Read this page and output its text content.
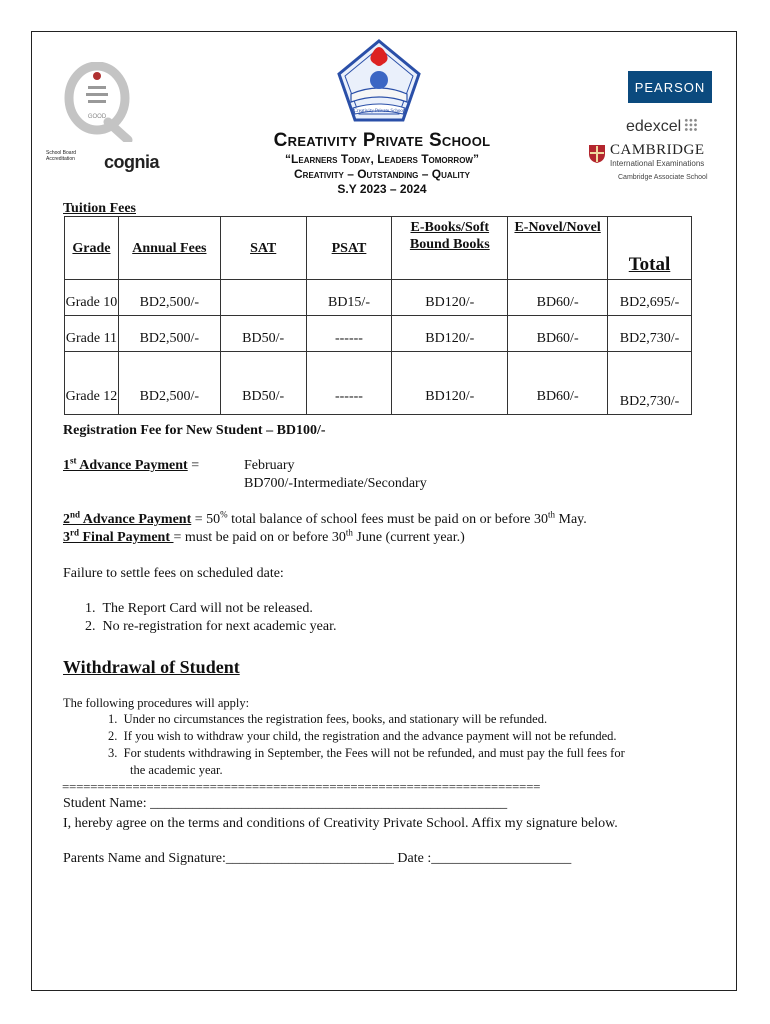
GOOD
School Board Accreditation	cognia
Creativity Private School
PEARSON
edexcel
CAMBRIDGE
International Examinations
Cambridge Associate School
Creativity Private School
“Learners Today, Leaders Tomorrow”
Creativity – Outstanding – Quality
S.Y 2023 – 2024
Tuition Fees
Grade	Annual Fees	SAT	PSAT	E-Books/Soft Bound Books	E-Novel/Novel	Total
Grade 10	BD2,500/-		BD15/-	BD120/-	BD60/-	BD2,695/-
Grade 11	BD2,500/-	BD50/-	------	BD120/-	BD60/-	BD2,730/-
Grade 12	BD2,500/-	BD50/-	------	BD120/-	BD60/-	BD2,730/-
Registration Fee for New Student – BD100/-
1st Advance Payment =	February
BD700/-Intermediate/Secondary
2nd Advance Payment = 50% total balance of school fees must be paid on or before 30th May.
3rd Final Payment = must be paid on or before 30th June (current year.)
Failure to settle fees on scheduled date:
1.  The Report Card will not be released.
2.  No re-registration for next academic year.
Withdrawal of Student
The following procedures will apply:
1.  Under no circumstances the registration fees, books, and stationary will be refunded.
2.  If you wish to withdraw your child, the registration and the advance payment will not be refunded.
3.  For students withdrawing in September, the Fees will not be refunded, and must pay the full fees for
the academic year.
====================================================================
Student Name: ___________________________________________________
I, hereby agree on the terms and conditions of Creativity Private School. Affix my signature below.
Parents Name and Signature:________________________ Date :____________________
